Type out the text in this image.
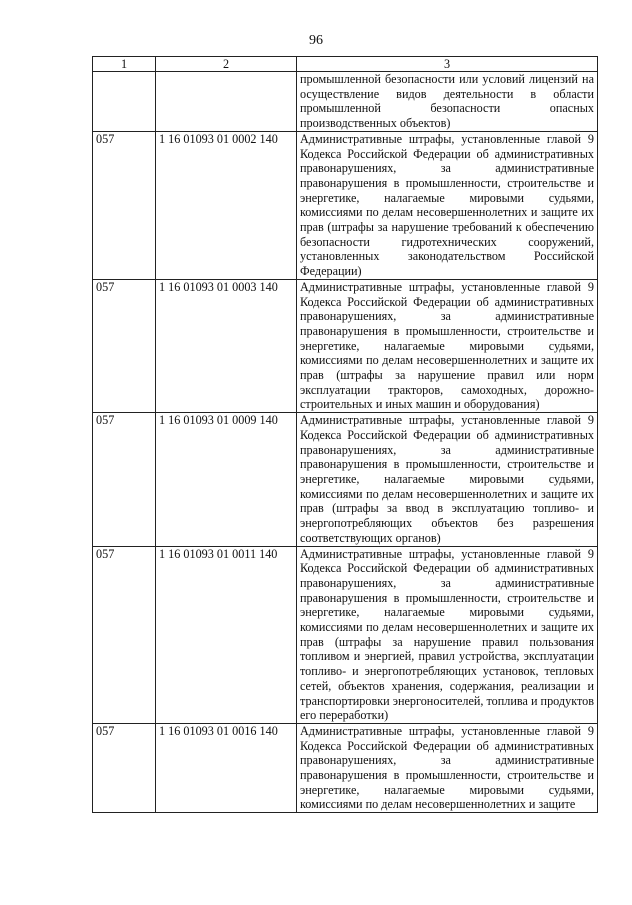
96
1	2	3
		промышленной безопасности или условий лицензий на осуществление видов деятельности в области промышленной безопасности опасных производственных объектов)
057	1 16 01093 01 0002 140	Административные штрафы, установленные главой 9 Кодекса Российской Федерации об административных правонарушениях, за административные правонарушения в промышленности, строительстве и энергетике, налагаемые мировыми судьями, комиссиями по делам несовершеннолетних и защите их прав (штрафы за нарушение требований к обеспечению безопасности гидротехнических сооружений, установленных законодательством Российской Федерации)
057	1 16 01093 01 0003 140	Административные штрафы, установленные главой 9 Кодекса Российской Федерации об административных правонарушениях, за административные правонарушения в промышленности, строительстве и энергетике, налагаемые мировыми судьями, комиссиями по делам несовершеннолетних и защите их прав (штрафы за нарушение правил или норм эксплуатации тракторов, самоходных, дорожно-строительных и иных машин и оборудования)
057	1 16 01093 01 0009 140	Административные штрафы, установленные главой 9 Кодекса Российской Федерации об административных правонарушениях, за административные правонарушения в промышленности, строительстве и энергетике, налагаемые мировыми судьями, комиссиями по делам несовершеннолетних и защите их прав (штрафы за ввод в эксплуатацию топливо- и энергопотребляющих объектов без разрешения соответствующих органов)
057	1 16 01093 01 0011 140	Административные штрафы, установленные главой 9 Кодекса Российской Федерации об административных правонарушениях, за административные правонарушения в промышленности, строительстве и энергетике, налагаемые мировыми судьями, комиссиями по делам несовершеннолетних и защите их прав (штрафы за нарушение правил пользования топливом и энергией, правил устройства, эксплуатации топливо- и энергопотребляющих установок, тепловых сетей, объектов хранения, содержания, реализации и транспортировки энергоносителей, топлива и продуктов его переработки)
057	1 16 01093 01 0016 140	Административные штрафы, установленные главой 9 Кодекса Российской Федерации об административных правонарушениях, за административные правонарушения в промышленности, строительстве и энергетике, налагаемые мировыми судьями, комиссиями по делам несовершеннолетних и защите
